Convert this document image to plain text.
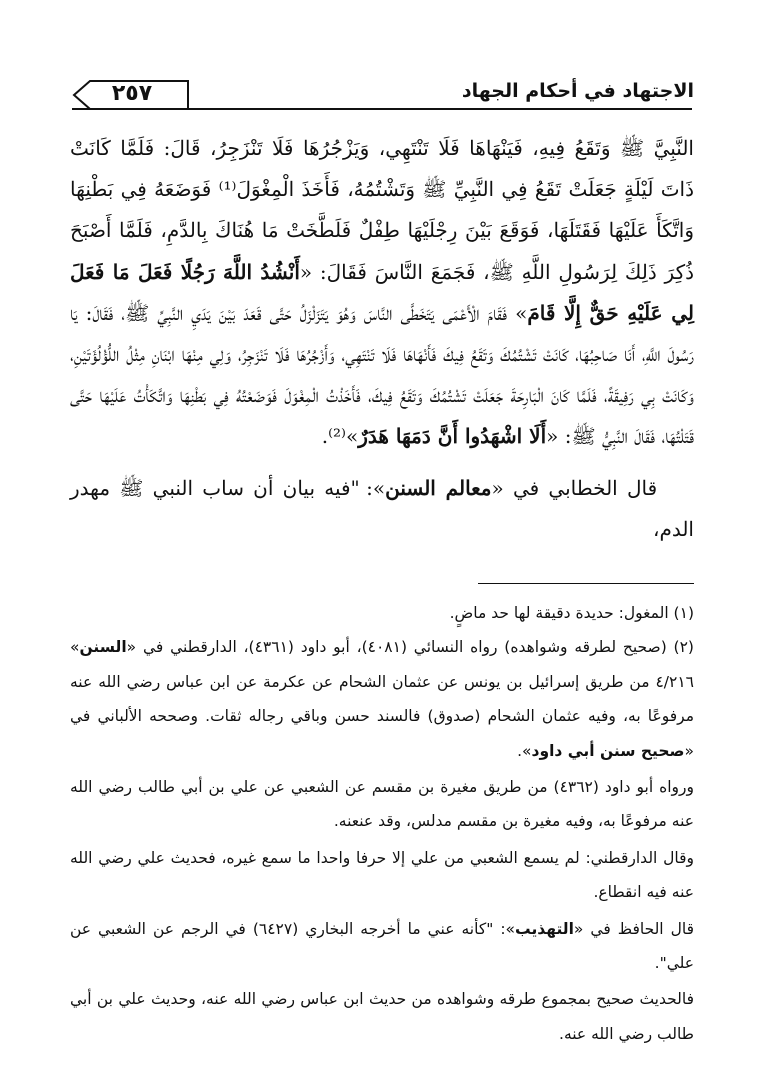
٢٥٧	الاجتهاد في أحكام الجهاد

النَّبِيَّ ﷺ وَتَقَعُ فِيهِ، فَيَنْهَاهَا فَلَا تَنْتَهِي، وَيَزْجُرُهَا فَلَا تَنْزَجِرُ، قَالَ: فَلَمَّا كَانَتْ ذَاتَ لَيْلَةٍ جَعَلَتْ تَقَعُ فِي النَّبِيِّ ﷺ وَتَشْتُمُهُ، فَأَخَذَ الْمِغْوَلَ⁽¹⁾ فَوَضَعَهُ فِي بَطْنِهَا وَاتَّكَأَ عَلَيْهَا فَقَتَلَهَا، فَوَقَعَ بَيْنَ رِجْلَيْهَا طِفْلٌ فَلَطَّخَتْ مَا هُنَاكَ بِالدَّمِ، فَلَمَّا أَصْبَحَ ذُكِرَ ذَلِكَ لِرَسُولِ اللَّهِ ﷺ، فَجَمَعَ النَّاسَ فَقَالَ: «أَنْشُدُ اللَّهَ رَجُلًا فَعَلَ مَا فَعَلَ لِي عَلَيْهِ حَقٌّ إِلَّا قَامَ» فَقَامَ الْأَعْمَى يَتَخَطَّى النَّاسَ وَهُوَ يَتَزَلْزَلُ حَتَّى قَعَدَ بَيْنَ يَدَيِ النَّبِيِّ ﷺ، فَقَالَ: يَا رَسُولَ اللَّهِ، أَنَا صَاحِبُهَا، كَانَتْ تَشْتُمُكَ وَتَقَعُ فِيكَ فَأَنْهَاهَا فَلَا تَنْتَهِي، وَأَزْجُرُهَا فَلَا تَنْزَجِرُ، وَلِي مِنْهَا ابْنَانِ مِثْلُ اللُّؤْلُؤَتَيْنِ، وَكَانَتْ بِي رَفِيقَةً، فَلَمَّا كَانَ الْبَارِحَةَ جَعَلَتْ تَشْتُمُكَ وَتَقَعُ فِيكَ، فَأَخَذْتُ الْمِغْوَلَ فَوَضَعْتُهُ فِي بَطْنِهَا وَاتَّكَأْتُ عَلَيْهَا حَتَّى قَتَلْتُهَا، فَقَالَ النَّبِيُّ ﷺ: «أَلَا اشْهَدُوا أَنَّ دَمَهَا هَدَرٌ»⁽²⁾.

قال الخطابي في «معالم السنن»: "فيه بيان أن ساب النبي ﷺ مهدر الدم،

(١) المغول: حديدة دقيقة لها حد ماضٍ.

(٢) (صحيح لطرقه وشواهده) رواه النسائي (٤٠٨١)، أبو داود (٤٣٦١)، الدارقطني في «السنن» ٤/٢١٦ من طريق إسرائيل بن يونس عن عثمان الشحام عن عكرمة عن ابن عباس رضي الله عنه مرفوعًا به، وفيه عثمان الشحام (صدوق) فالسند حسن وباقي رجاله ثقات. وصححه الألباني في «صحيح سنن أبي داود».

ورواه أبو داود (٤٣٦٢) من طريق مغيرة بن مقسم عن الشعبي عن علي بن أبي طالب رضي الله عنه مرفوعًا به، وفيه مغيرة بن مقسم مدلس، وقد عنعنه.

وقال الدارقطني: لم يسمع الشعبي من علي إلا حرفا واحدا ما سمع غيره، فحديث علي رضي الله عنه فيه انقطاع.

قال الحافظ في «التهذيب»: "كأنه عني ما أخرجه البخاري (٦٤٢٧) في الرجم عن الشعبي عن علي".

فالحديث صحيح بمجموع طرقه وشواهده من حديث ابن عباس رضي الله عنه، وحديث علي بن أبي طالب رضي الله عنه.
